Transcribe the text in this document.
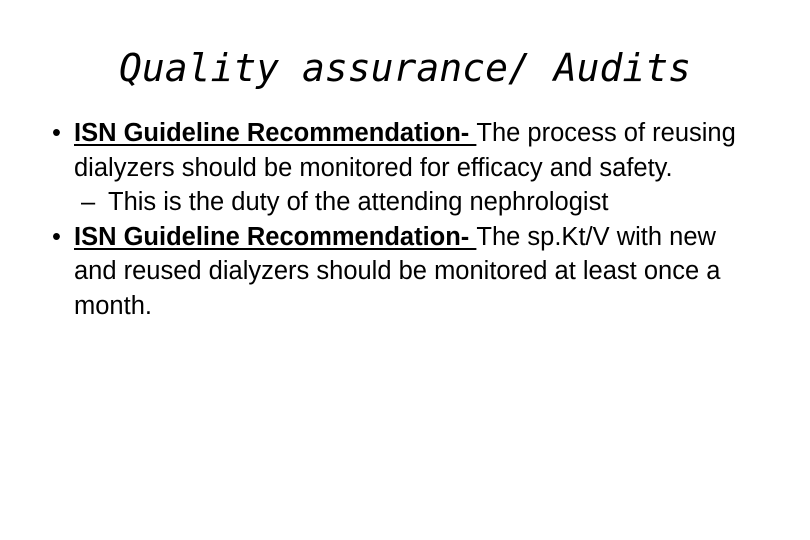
Quality assurance/ Audits

• ISN Guideline Recommendation- The process of reusing dialyzers should be monitored for efficacy and safety.

– This is the duty of the attending nephrologist

• ISN Guideline Recommendation- The sp.Kt/V with new and reused dialyzers should be monitored at least once a month.
